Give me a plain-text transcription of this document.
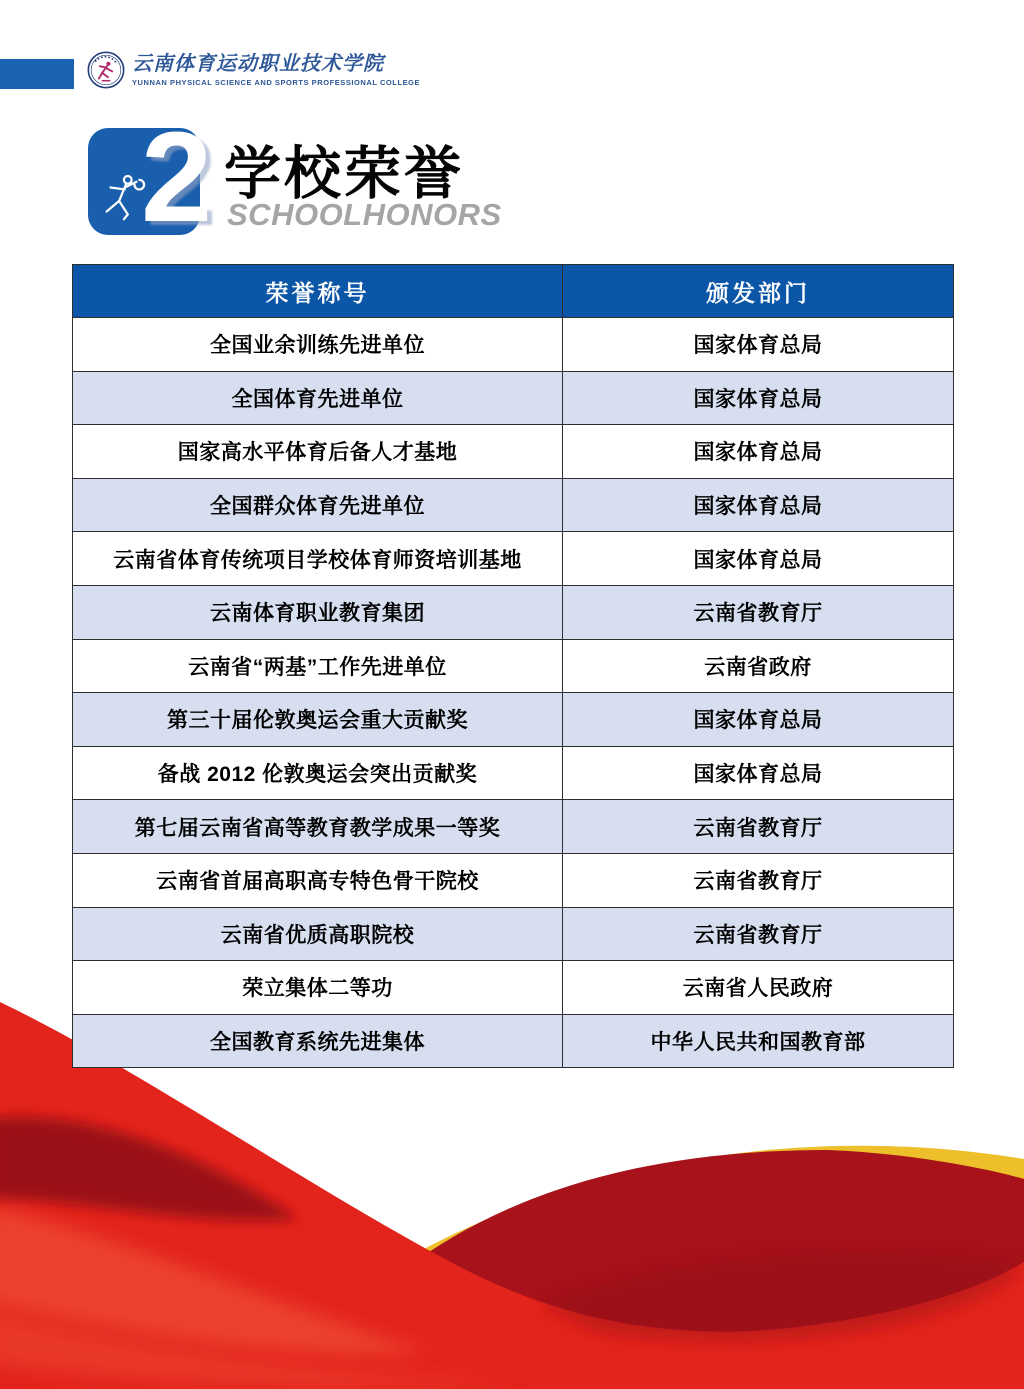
云南体育运动职业技术学院
YUNNAN PHYSICAL SCIENCE AND SPORTS PROFESSIONAL COLLEGE
2 学校荣誉
SCHOOLHONORS
荣誉称号	颁发部门
全国业余训练先进单位	国家体育总局
全国体育先进单位	国家体育总局
国家高水平体育后备人才基地	国家体育总局
全国群众体育先进单位	国家体育总局
云南省体育传统项目学校体育师资培训基地	国家体育总局
云南体育职业教育集团	云南省教育厅
云南省“两基”工作先进单位	云南省政府
第三十届伦敦奥运会重大贡献奖	国家体育总局
备战 2012 伦敦奥运会突出贡献奖	国家体育总局
第七届云南省高等教育教学成果一等奖	云南省教育厅
云南省首届高职高专特色骨干院校	云南省教育厅
云南省优质高职院校	云南省教育厅
荣立集体二等功	云南省人民政府
全国教育系统先进集体	中华人民共和国教育部
